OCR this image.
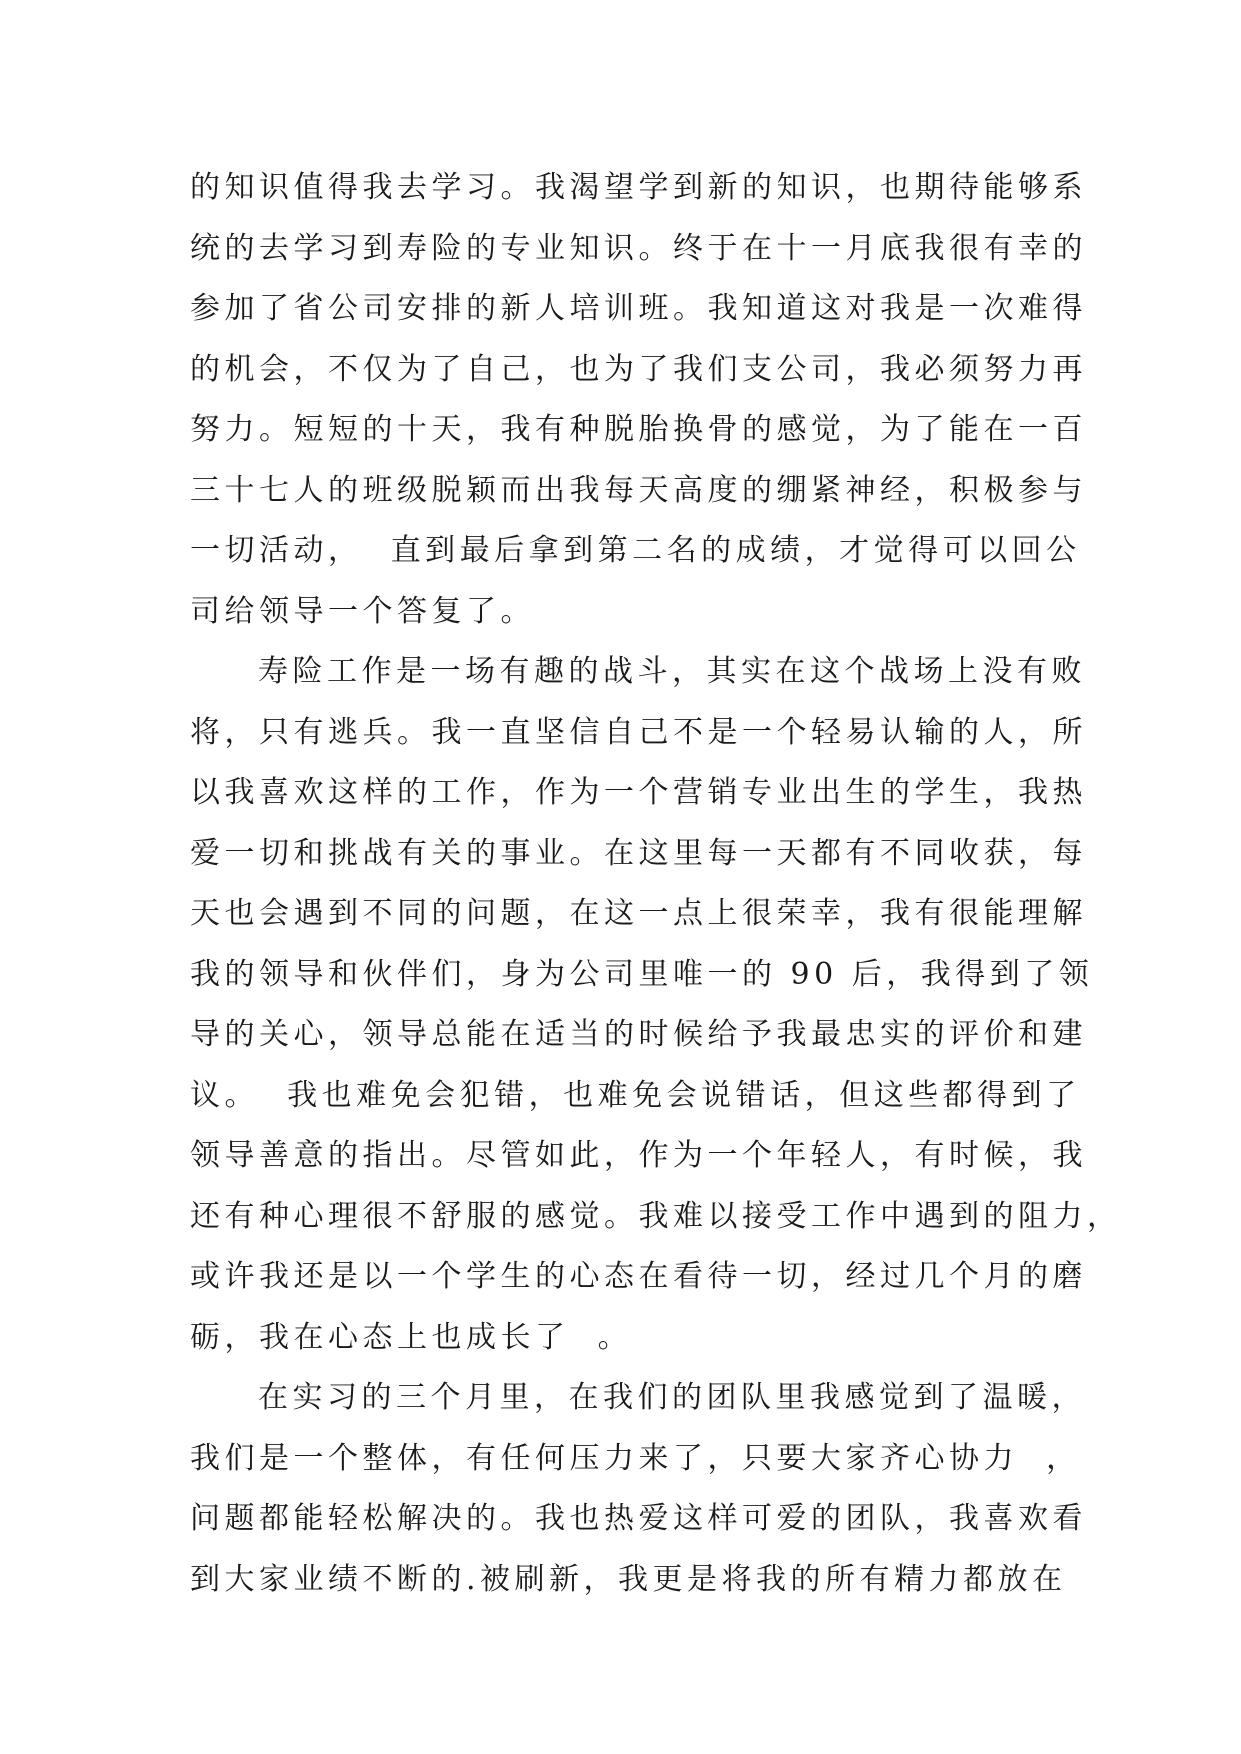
的知识值得我去学习。我渴望学到新的知识，也期待能够系
统的去学习到寿险的专业知识。终于在十一月底我很有幸的
参加了省公司安排的新人培训班。我知道这对我是一次难得
的机会，不仅为了自己，也为了我们支公司，我必须努力再
努力。短短的十天，我有种脱胎换骨的感觉，为了能在一百
三十七人的班级脱颖而出我每天高度的绷紧神经，积极参与
一切活动，  直到最后拿到第二名的成绩，才觉得可以回公
司给领导一个答复了。
寿险工作是一场有趣的战斗，其实在这个战场上没有败
将，只有逃兵。我一直坚信自己不是一个轻易认输的人，所
以我喜欢这样的工作，作为一个营销专业出生的学生，我热
爱一切和挑战有关的事业。在这里每一天都有不同收获，每
天也会遇到不同的问题，在这一点上很荣幸，我有很能理解
我的领导和伙伴们，身为公司里唯一的 90 后，我得到了领
导的关心，领导总能在适当的时候给予我最忠实的评价和建
议。  我也难免会犯错，也难免会说错话，但这些都得到了
领导善意的指出。尽管如此，作为一个年轻人，有时候，我
还有种心理很不舒服的感觉。我难以接受工作中遇到的阻力，
或许我还是以一个学生的心态在看待一切，经过几个月的磨
砺，我在心态上也成长了  。
在实习的三个月里，在我们的团队里我感觉到了温暖，
我们是一个整体，有任何压力来了，只要大家齐心协力  ，
问题都能轻松解决的。我也热爱这样可爱的团队，我喜欢看
到大家业绩不断的.被刷新，我更是将我的所有精力都放在
